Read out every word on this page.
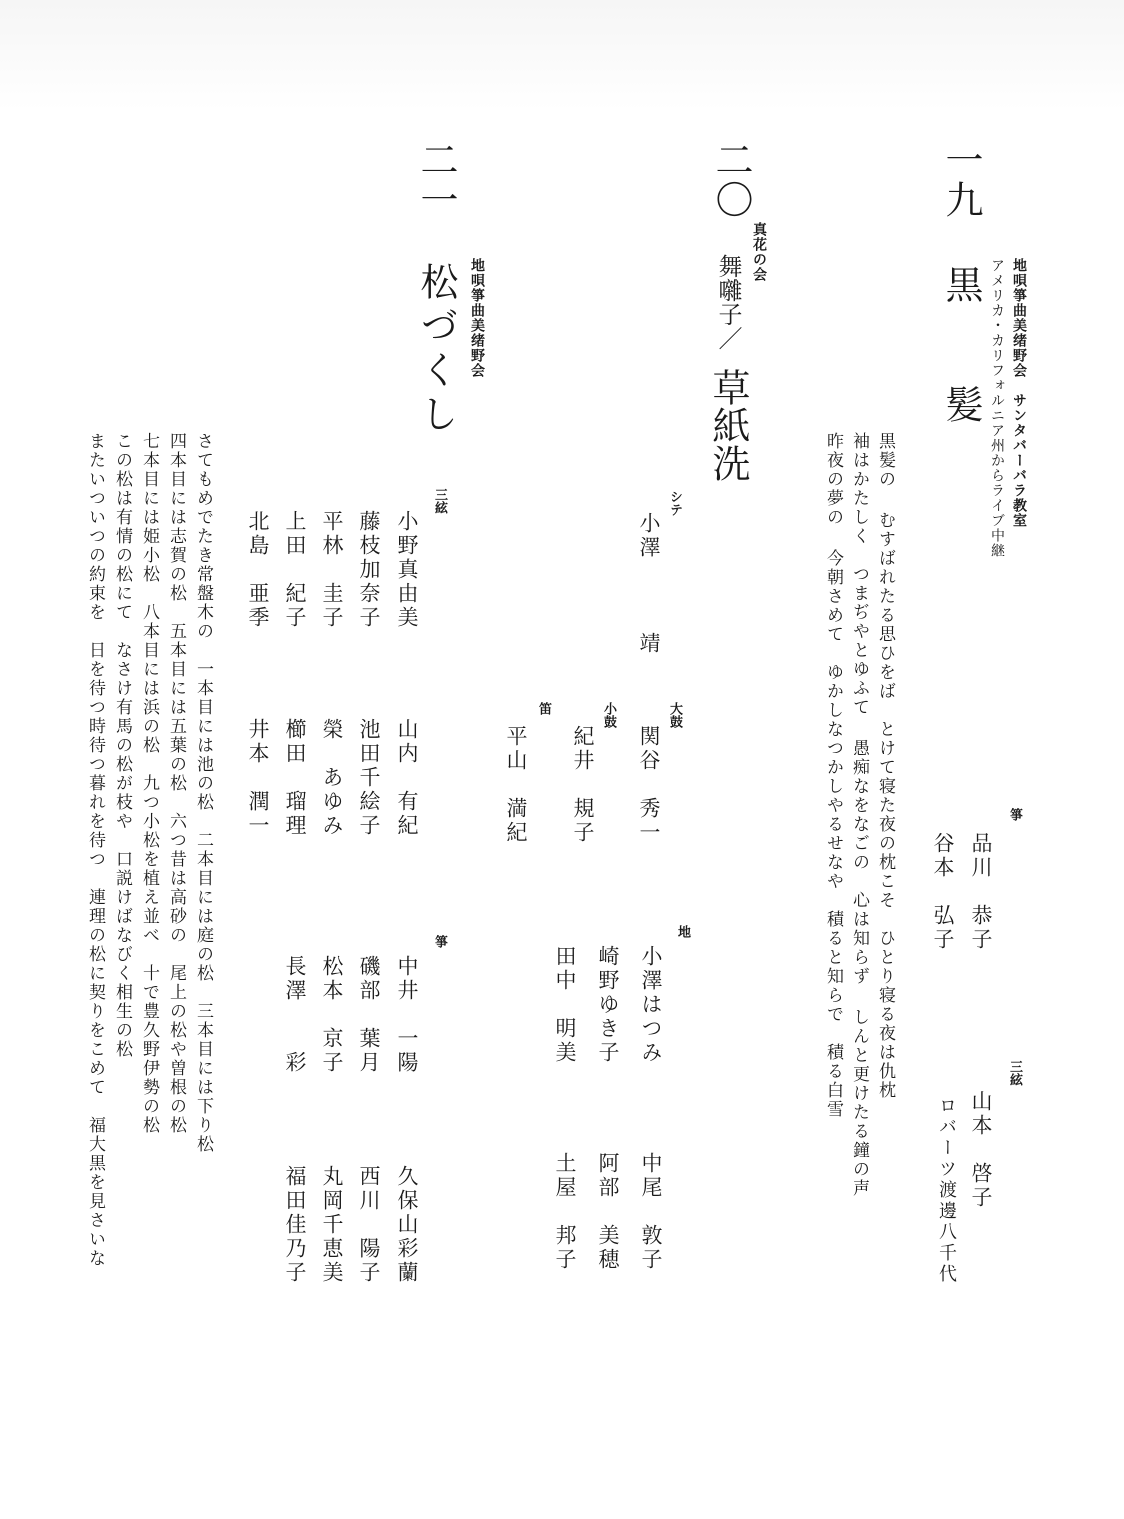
一九
黒　髪 地唄箏曲美绪野会　サンタバーバラ教室
アメリカ・カリフォルニア州からライブ中継
黒髪の むすばれたる思ひをば　とけて寝た夜の枕こそ　ひとり寝る夜は仇枕
袖はかたしく　つまぢやとゆふて 愚痴なをなごの　心は知らず しんと更けたる鐘の声
昨夜の夢の 今朝さめて　ゆかしなつかしやるせなや　積ると知らで　積る白雪	箏
品川　恭子
谷本　弘子
三絃
山本　啓子
ロバーツ渡邊八千代
二〇
真花の会
舞囃子／
草紙洗
シテ
小澤　　　靖
大鼓
関谷　秀一
小鼓
紀井　規子
笛
平山　満紀
地
小澤はつみ
崎野ゆき子
田中　明美
中尾　敦子
阿部　美穂
土屋　邦子
二一
松づくし 地唄箏曲美绪野会
三絃
小野真由美
藤枝加奈子
平林　圭子
上田　紀子
北島　亜季
山内　有紀
池田千絵子
榮　あゆみ
櫛田　瑠理
井本　潤一
箏
中井　一陽
磯部　葉月
松本　京子
長澤　　彩
久保山彩蘭
西川　陽子
丸岡千恵美
福田佳乃子
さてもめでたき常盤木の　一本目には池の松　二本目には庭の松　三本目には下り松
四本目には志賀の松　五本目には五葉の松　六つ昔は高砂の　尾上の松や曽根の松
七本目には姫小松　八本目には浜の松　九つ小松を植え並べ　十で豊久野伊勢の松
この松は有情の松にて　なさけ有馬の松が枝や　口説けばなびく相生の松
またいついつの約束を　日を待つ時待つ暮れを待つ　連理の松に契りをこめて　福大黒を見さいな
